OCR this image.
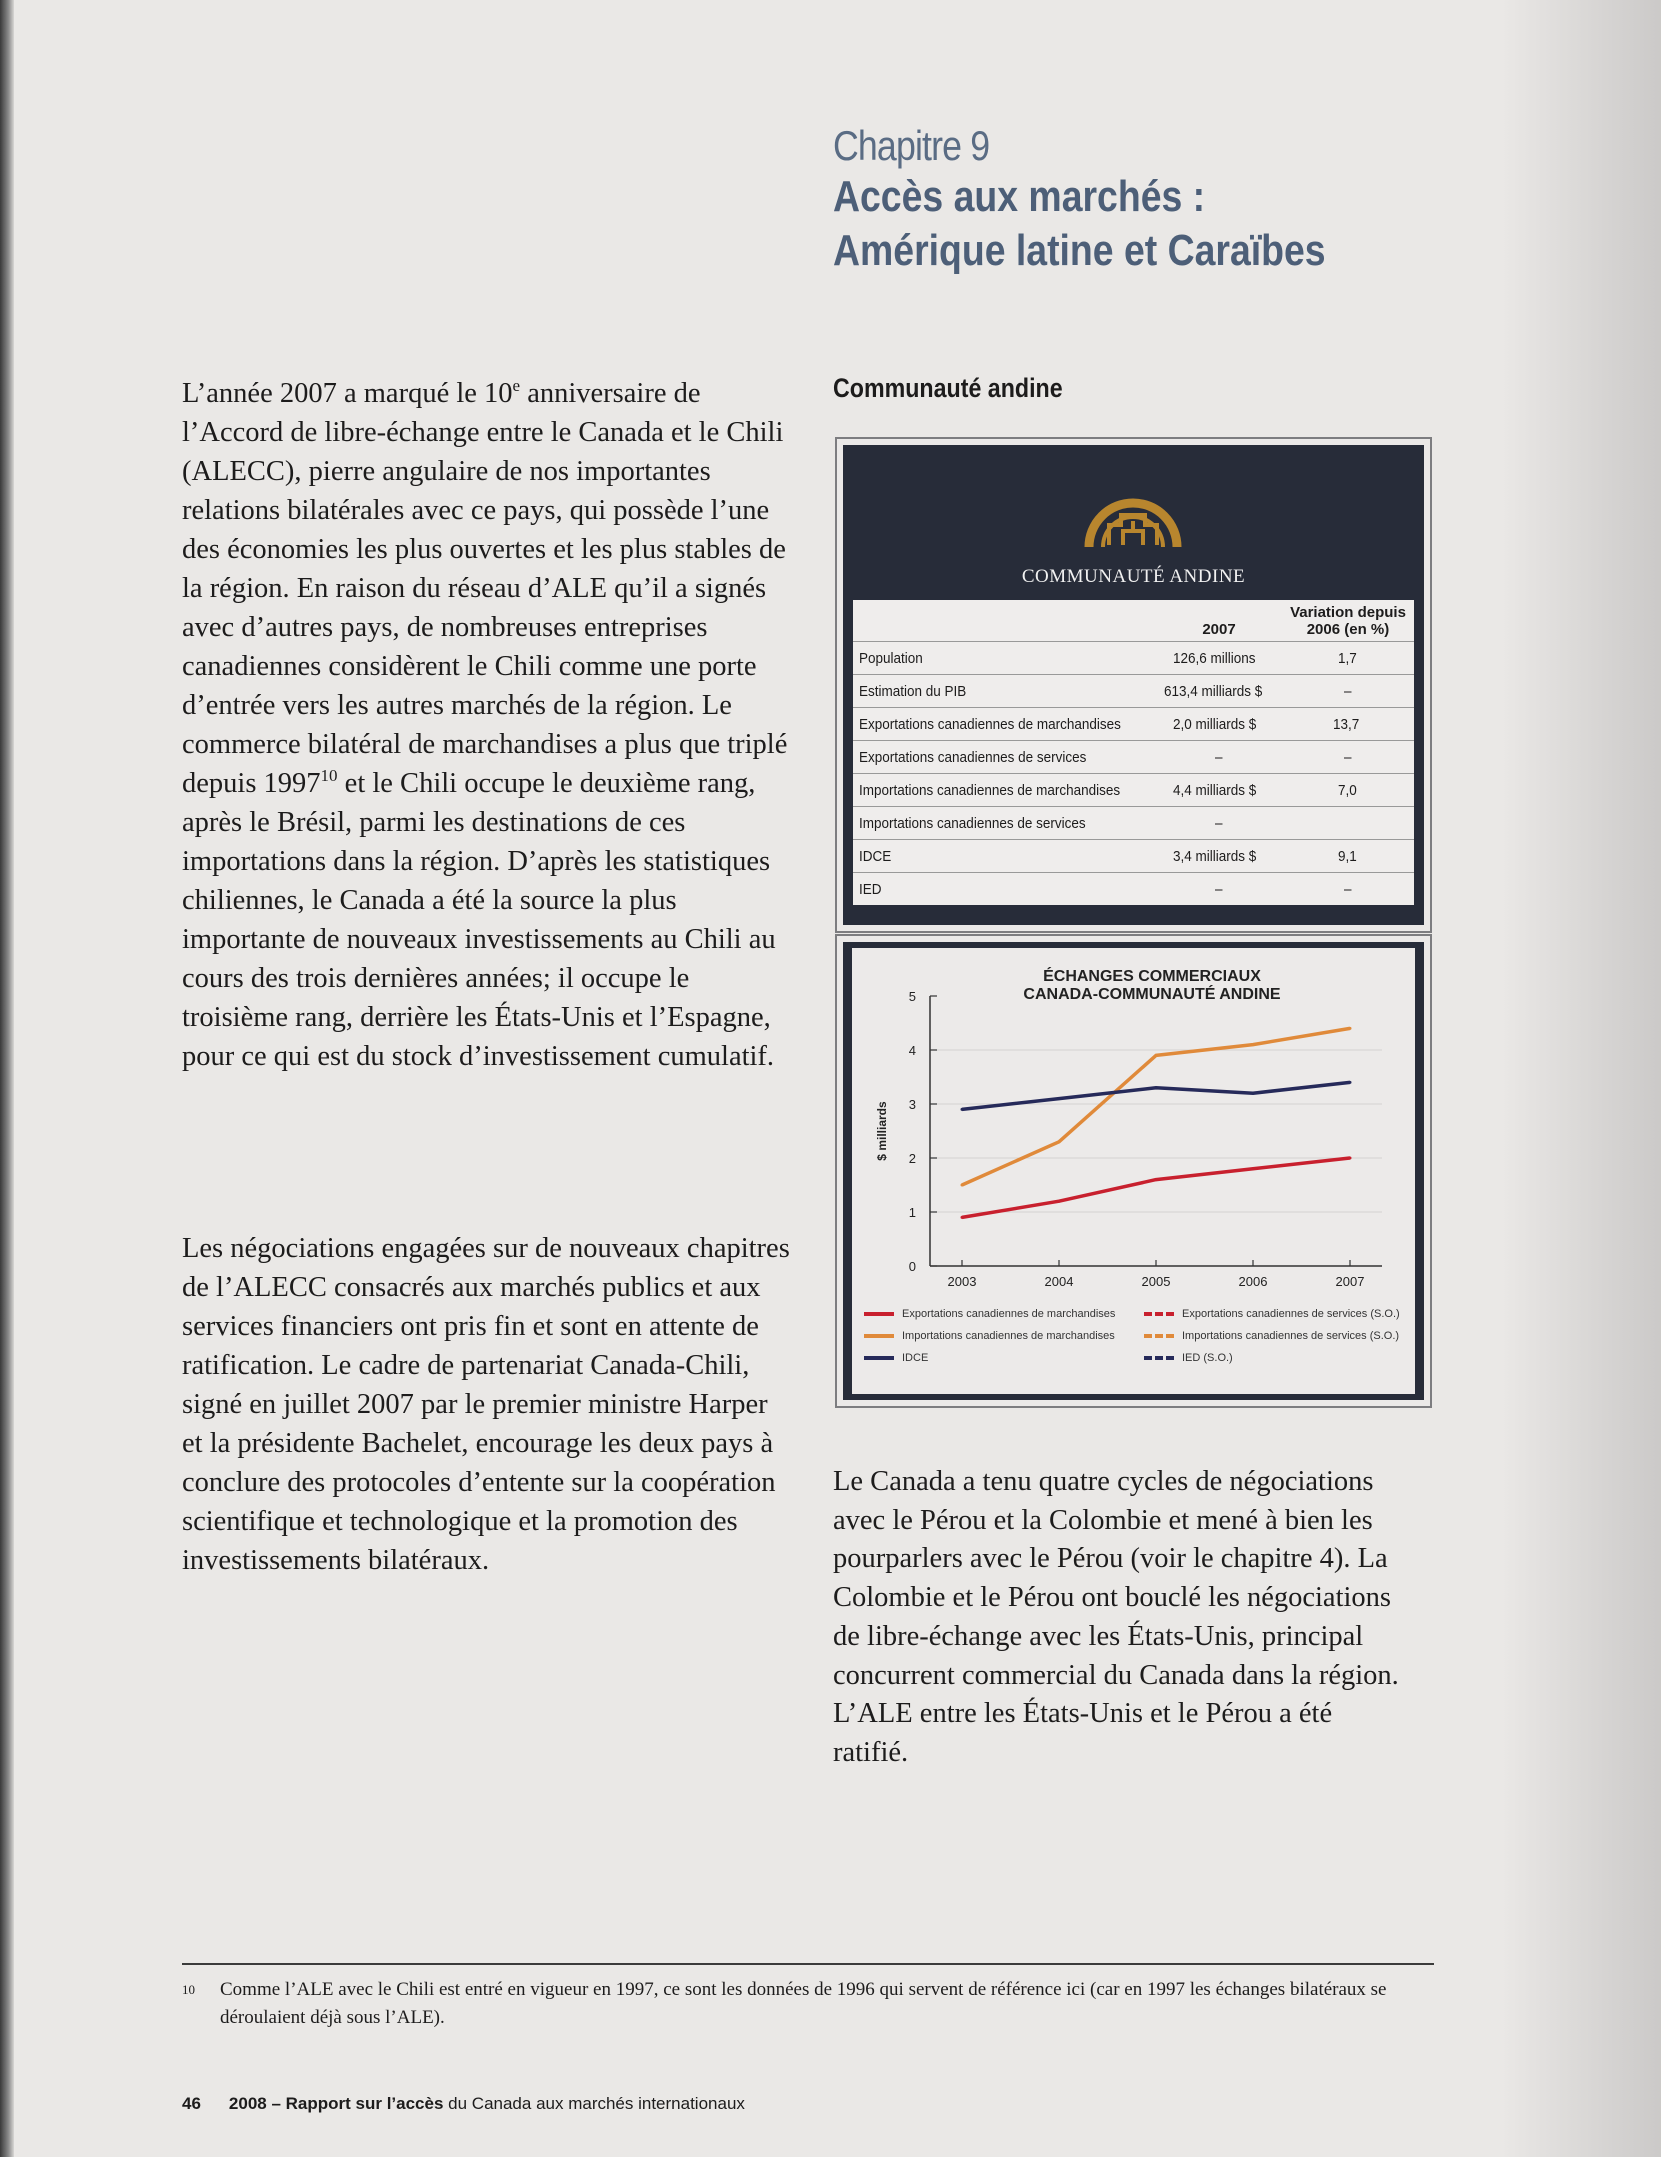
Chapitre 9
Accès aux marchés :
Amérique latine et Caraïbes

L’année 2007 a marqué le 10e anniversaire de l’Accord de libre-échange entre le Canada et le Chili (ALECC), pierre angulaire de nos importantes relations bilatérales avec ce pays, qui possède l’une des économies les plus ouvertes et les plus stables de la région. En raison du réseau d’ALE qu’il a signés avec d’autres pays, de nombreuses entreprises canadiennes considèrent le Chili comme une porte d’entrée vers les autres marchés de la région. Le commerce bilatéral de marchandises a plus que triplé depuis 1997$^{10}$ et le Chili occupe le deuxième rang, après le Brésil, parmi les destinations de ces importations dans la région. D’après les statistiques chiliennes, le Canada a été la source la plus importante de nouveaux investissements au Chili au cours des trois dernières années; il occupe le troisième rang, derrière les États-Unis et l’Espagne, pour ce qui est du stock d’investissement cumulatif.

Les négociations engagées sur de nouveaux chapitres de l’ALECC consacrés aux marchés publics et aux services financiers ont pris fin et sont en attente de ratification. Le cadre de partenariat Canada-Chili, signé en juillet 2007 par le premier ministre Harper et la présidente Bachelet, encourage les deux pays à conclure des protocoles d’entente sur la coopération scientifique et technologique et la promotion des investissements bilatéraux.

Communauté andine
COMMUNAUTÉ ANDINE
	2007	Variation depuis 2006 (en %)
Population	126,6 millions	1,7
Estimation du PIB	613,4 milliards $	–
Exportations canadiennes de marchandises	2,0 milliards $	13,7
Exportations canadiennes de services	–	–
Importations canadiennes de marchandises	4,4 milliards $	7,0
Importations canadiennes de services	–	
IDCE	3,4 milliards $	9,1
IED	–	–
ÉCHANGES COMMERCIAUX
CANADA-COMMUNAUTÉ ANDINE
0
1
2
3
4
5
2003	2004	2005	2006	2007
$ milliards
Exportations canadiennes de marchandises
Importations canadiennes de marchandises
IDCE
Exportations canadiennes de services (S.O.)
Importations canadiennes de services (S.O.)
IED (S.O.)
Le Canada a tenu quatre cycles de négociations avec le Pérou et la Colombie et mené à bien les pourparlers avec le Pérou (voir le chapitre 4). La Colombie et le Pérou ont bouclé les négociations de libre-échange avec les États-Unis, principal concurrent commercial du Canada dans la région. L’ALE entre les États-Unis et le Pérou a été ratifié.
10 Comme l’ALE avec le Chili est entré en vigueur en 1997, ce sont les données de 1996 qui servent de référence ici (car en 1997 les échanges bilatéraux se déroulaient déjà sous l’ALE).
46 2008 – Rapport sur l’accès du Canada aux marchés internationaux
